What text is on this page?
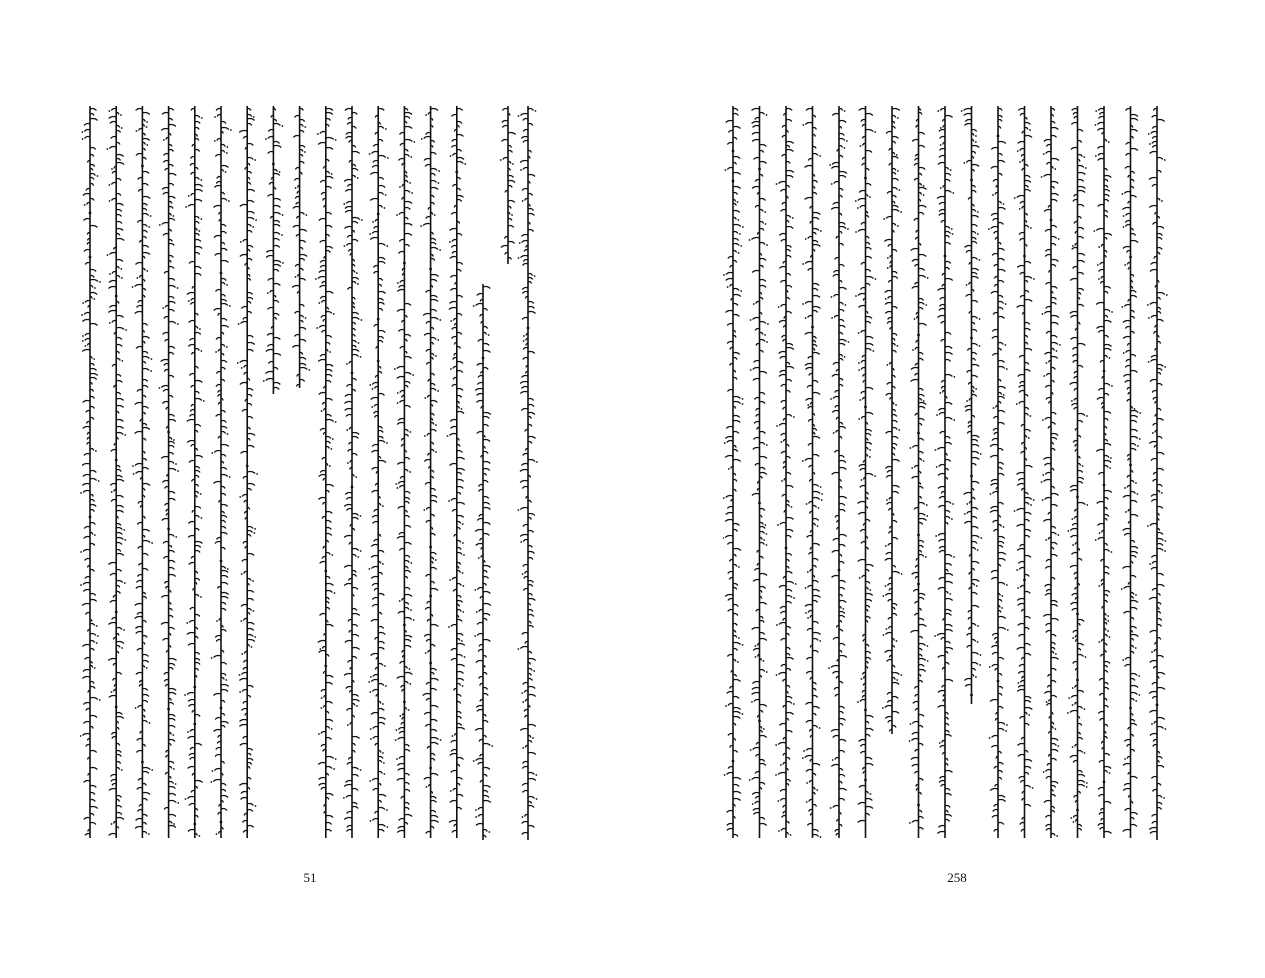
51	258
